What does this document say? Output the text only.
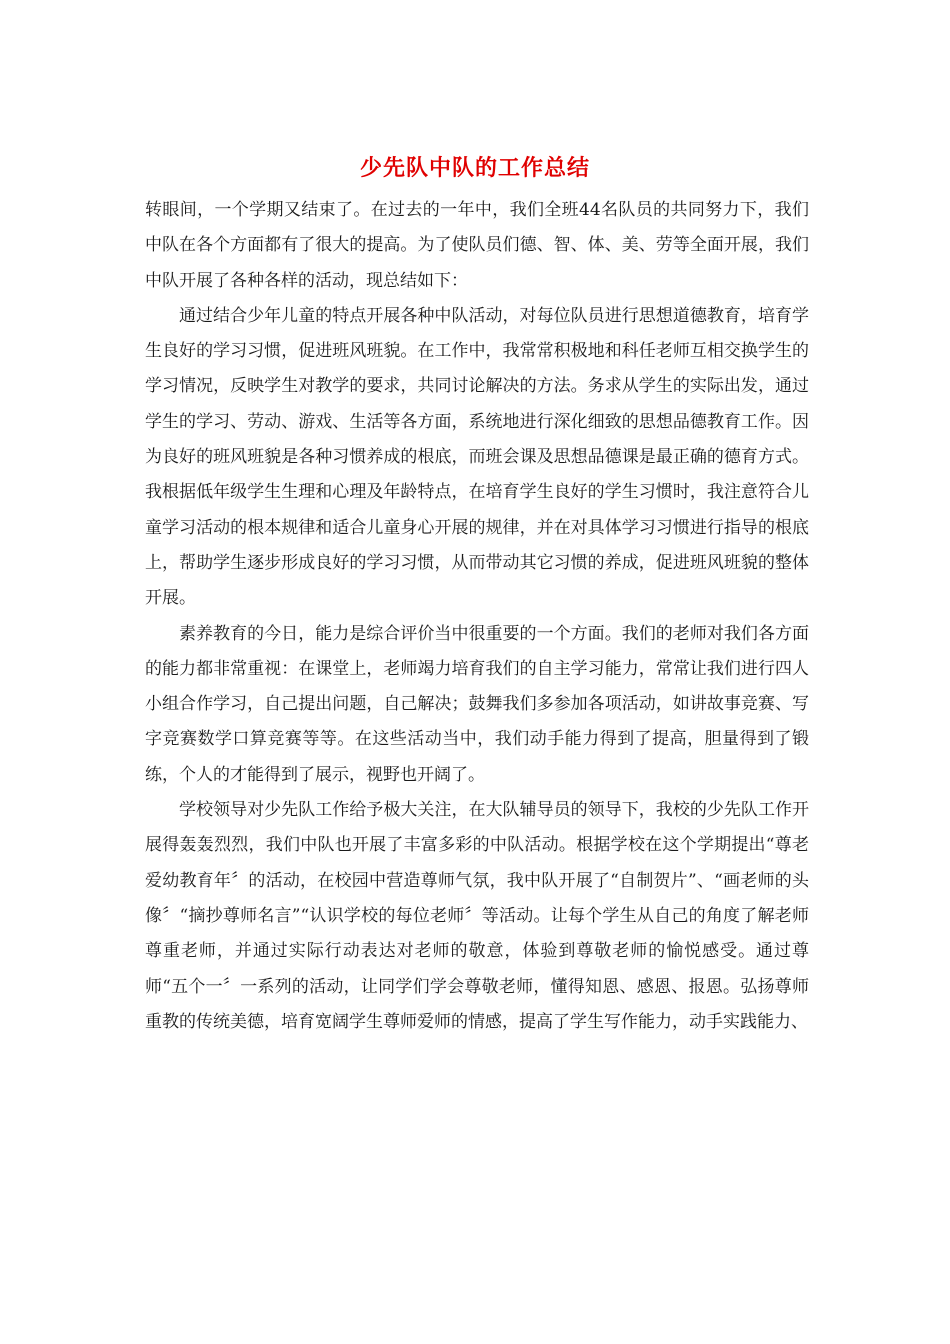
少先队中队的工作总结

转眼间，一个学期又结束了。在过去的一年中，我们全班44名队员的共同努力下，我们中队在各个方面都有了很大的提高。为了使队员们德、智、体、美、劳等全面开展，我们中队开展了各种各样的活动，现总结如下：

通过结合少年儿童的特点开展各种中队活动，对每位队员进行思想道德教育，培育学生良好的学习习惯，促进班风班貌。在工作中，我常常积极地和科任老师互相交换学生的学习情况，反映学生对教学的要求，共同讨论解决的方法。务求从学生的实际出发，通过学生的学习、劳动、游戏、生活等各方面，系统地进行深化细致的思想品德教育工作。因为良好的班风班貌是各种习惯养成的根底，而班会课及思想品德课是最正确的德育方式。我根据低年级学生生理和心理及年龄特点，在培育学生良好的学生习惯时，我注意符合儿童学习活动的根本规律和适合儿童身心开展的规律，并在对具体学习习惯进行指导的根底上，帮助学生逐步形成良好的学习习惯，从而带动其它习惯的养成，促进班风班貌的整体开展。

素养教育的今日，能力是综合评价当中很重要的一个方面。我们的老师对我们各方面的能力都非常重视：在课堂上，老师竭力培育我们的自主学习能力，常常让我们进行四人小组合作学习，自己提出问题，自己解决；鼓舞我们多参加各项活动，如讲故事竞赛、写字竞赛数学口算竞赛等等。在这些活动当中，我们动手能力得到了提高，胆量得到了锻练，个人的才能得到了展示，视野也开阔了。

学校领导对少先队工作给予极大关注，在大队辅导员的领导下，我校的少先队工作开展得轰轰烈烈，我们中队也开展了丰富多彩的中队活动。根据学校在这个学期提出“尊老爱幼教育年〞的活动，在校园中营造尊师气氛，我中队开展了“自制贺片”、“画老师的头像〞“摘抄尊师名言”“认识学校的每位老师〞等活动。让每个学生从自己的角度了解老师尊重老师，并通过实际行动表达对老师的敬意，体验到尊敬老师的愉悦感受。通过尊师“五个一〞一系列的活动，让同学们学会尊敬老师，懂得知恩、感恩、报恩。弘扬尊师重教的传统美德，培育宽阔学生尊师爱师的情感，提高了学生写作能力，动手实践能力、
